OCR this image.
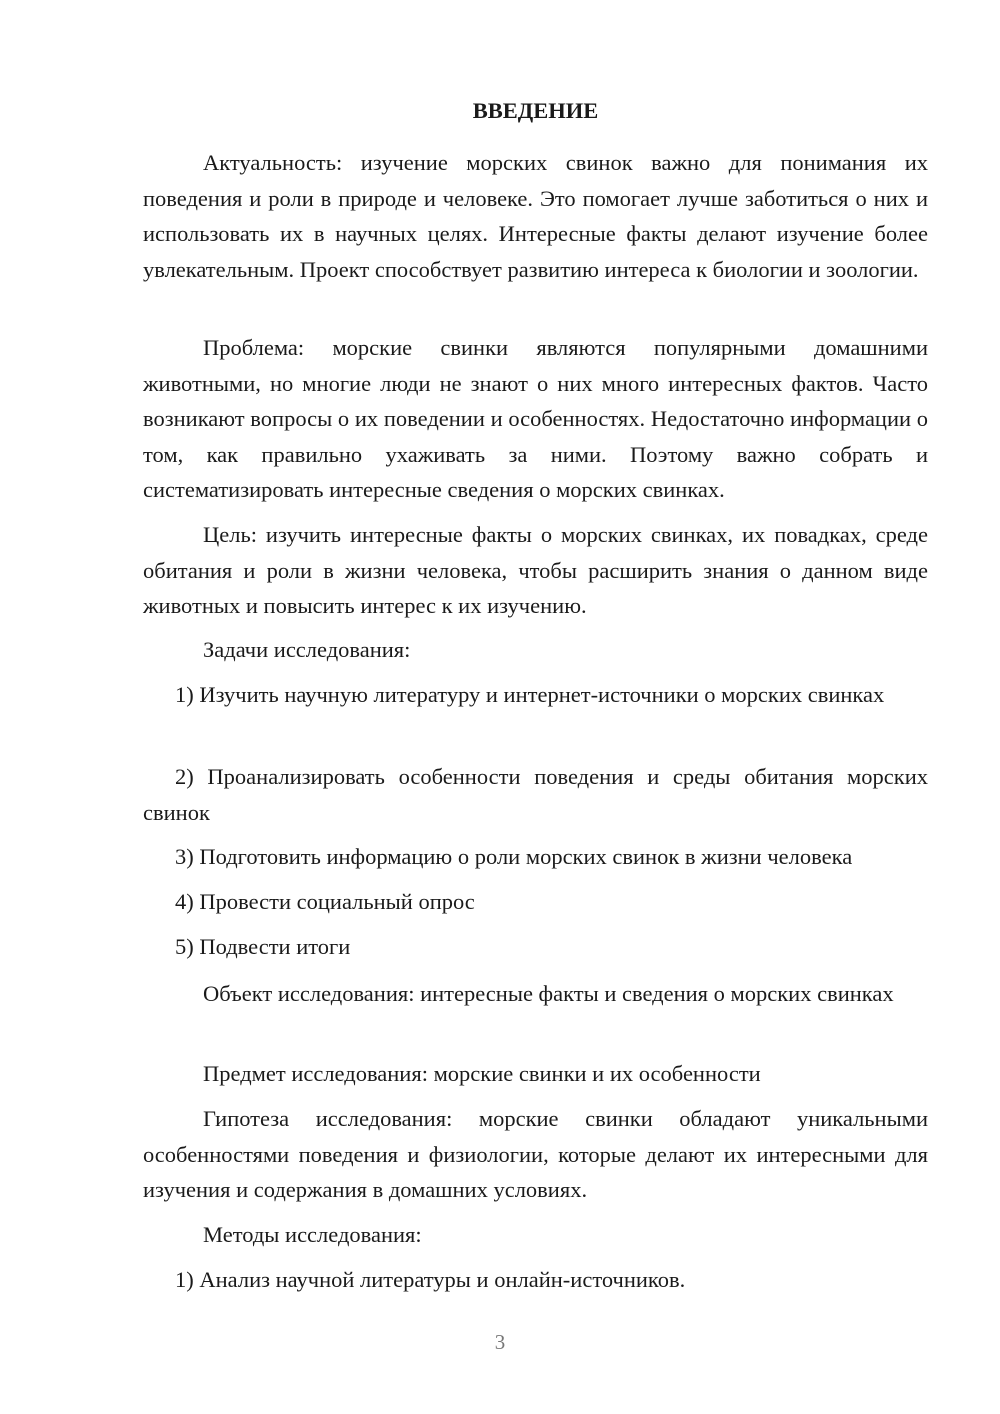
ВВЕДЕНИЕ

Актуальность: изучение морских свинок важно для понимания их поведения и роли в природе и человеке. Это помогает лучше заботиться о них и использовать их в научных целях. Интересные факты делают изучение более увлекательным. Проект способствует развитию интереса к биологии и зоологии.

Проблема: морские свинки являются популярными домашними животными, но многие люди не знают о них много интересных фактов. Часто возникают вопросы о их поведении и особенностях. Недостаточно информации о том, как правильно ухаживать за ними. Поэтому важно собрать и систематизировать интересные сведения о морских свинках.

Цель: изучить интересные факты о морских свинках, их повадках, среде обитания и роли в жизни человека, чтобы расширить знания о данном виде животных и повысить интерес к их изучению.

Задачи исследования:

1) Изучить научную литературу и интернет-источники о морских свинках

2) Проанализировать особенности поведения и среды обитания морских свинок

3) Подготовить информацию о роли морских свинок в жизни человека

4) Провести социальный опрос

5) Подвести итоги

Объект исследования: интересные факты и сведения о морских свинках

Предмет исследования: морские свинки и их особенности

Гипотеза исследования: морские свинки обладают уникальными особенностями поведения и физиологии, которые делают их интересными для изучения и содержания в домашних условиях.

Методы исследования:

1) Анализ научной литературы и онлайн-источников.

3
